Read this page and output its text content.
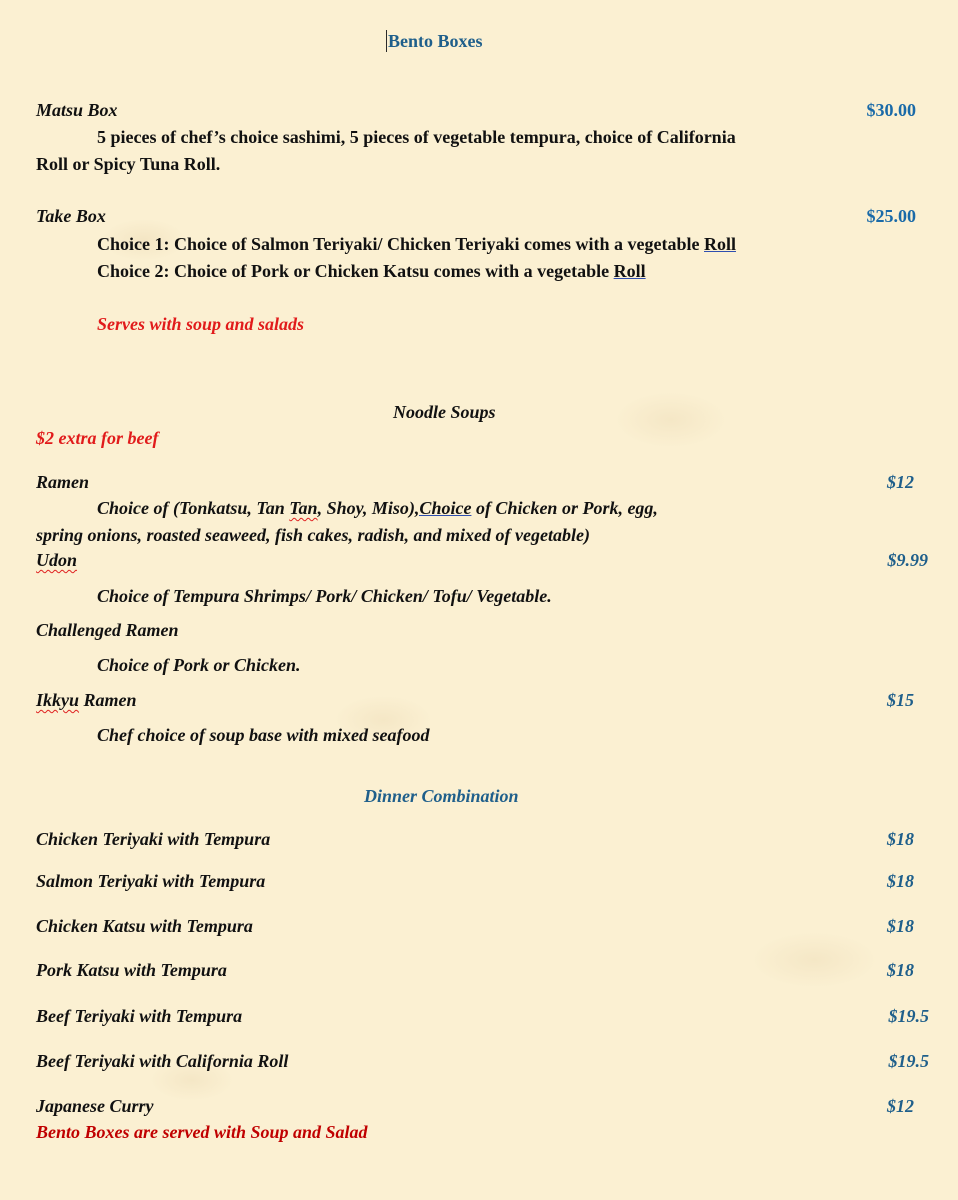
Bento Boxes
Matsu Box	$30.00
5 pieces of chef’s choice sashimi, 5 pieces of vegetable tempura, choice of California
Roll or Spicy Tuna Roll.
Take Box	$25.00
Choice 1: Choice of Salmon Teriyaki/ Chicken Teriyaki comes with a vegetable Roll
Choice 2: Choice of Pork or Chicken Katsu comes with a vegetable Roll
Serves with soup and salads
Noodle Soups
$2 extra for beef
Ramen	$12
Choice of (Tonkatsu, Tan Tan, Shoy, Miso),Choice of Chicken or Pork, egg,
spring onions, roasted seaweed, fish cakes, radish, and mixed of vegetable)
Udon	$9.99
Choice of Tempura Shrimps/ Pork/ Chicken/ Tofu/ Vegetable.
Challenged Ramen
Choice of Pork or Chicken.
Ikkyu Ramen	$15
Chef choice of soup base with mixed seafood
Dinner Combination
Chicken Teriyaki with Tempura	$18
Salmon Teriyaki with Tempura	$18
Chicken Katsu with Tempura	$18
Pork Katsu with Tempura	$18
Beef Teriyaki with Tempura	$19.5
Beef Teriyaki with California Roll	$19.5
Japanese Curry	$12
Bento Boxes are served with Soup and Salad
